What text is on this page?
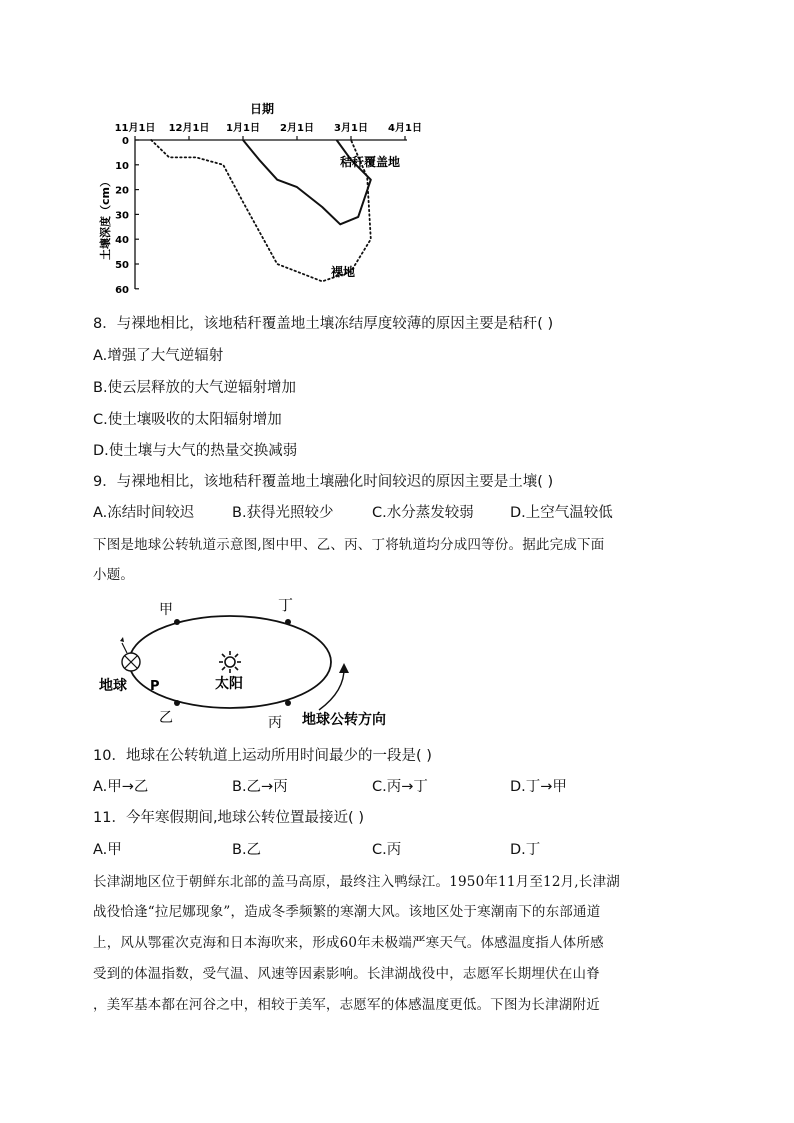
日期
11月1日 12月1日 1月1日 2月1日 3月1日 4月1日
0
10
20
30
40
50
60
土壤深度（cm）
秸秆覆盖地
裸地
8．与裸地相比，该地秸秆覆盖地土壤冻结厚度较薄的原因主要是秸秆( )
A.增强了大气逆辐射
B.使云层释放的大气逆辐射增加
C.使土壤吸收的太阳辐射增加
D.使土壤与大气的热量交换减弱
9．与裸地相比，该地秸秆覆盖地土壤融化时间较迟的原因主要是土壤( )
A.冻结时间较迟	B.获得光照较少	C.水分蒸发较弱	D.上空气温较低
下图是地球公转轨道示意图,图中甲、乙、丙、丁将轨道均分成四等份。据此完成下面
小题。
甲	丁
乙	丙
地球 P	太阳
地球公转方向
10．地球在公转轨道上运动所用时间最少的一段是( )
A.甲→乙	B.乙→丙	C.丙→丁	D.丁→甲
11．今年寒假期间,地球公转位置最接近( )
A.甲	B.乙	C.丙	D.丁
长津湖地区位于朝鲜东北部的盖马高原，最终注入鸭绿江。1950年11月至12月,长津湖
战役恰逢“拉尼娜现象”，造成冬季频繁的寒潮大风。该地区处于寒潮南下的东部通道
上，风从鄂霍次克海和日本海吹来，形成60年未极端严寒天气。体感温度指人体所感
受到的体温指数，受气温、风速等因素影响。长津湖战役中，志愿军长期埋伏在山脊
，美军基本都在河谷之中，相较于美军，志愿军的体感温度更低。下图为长津湖附近
